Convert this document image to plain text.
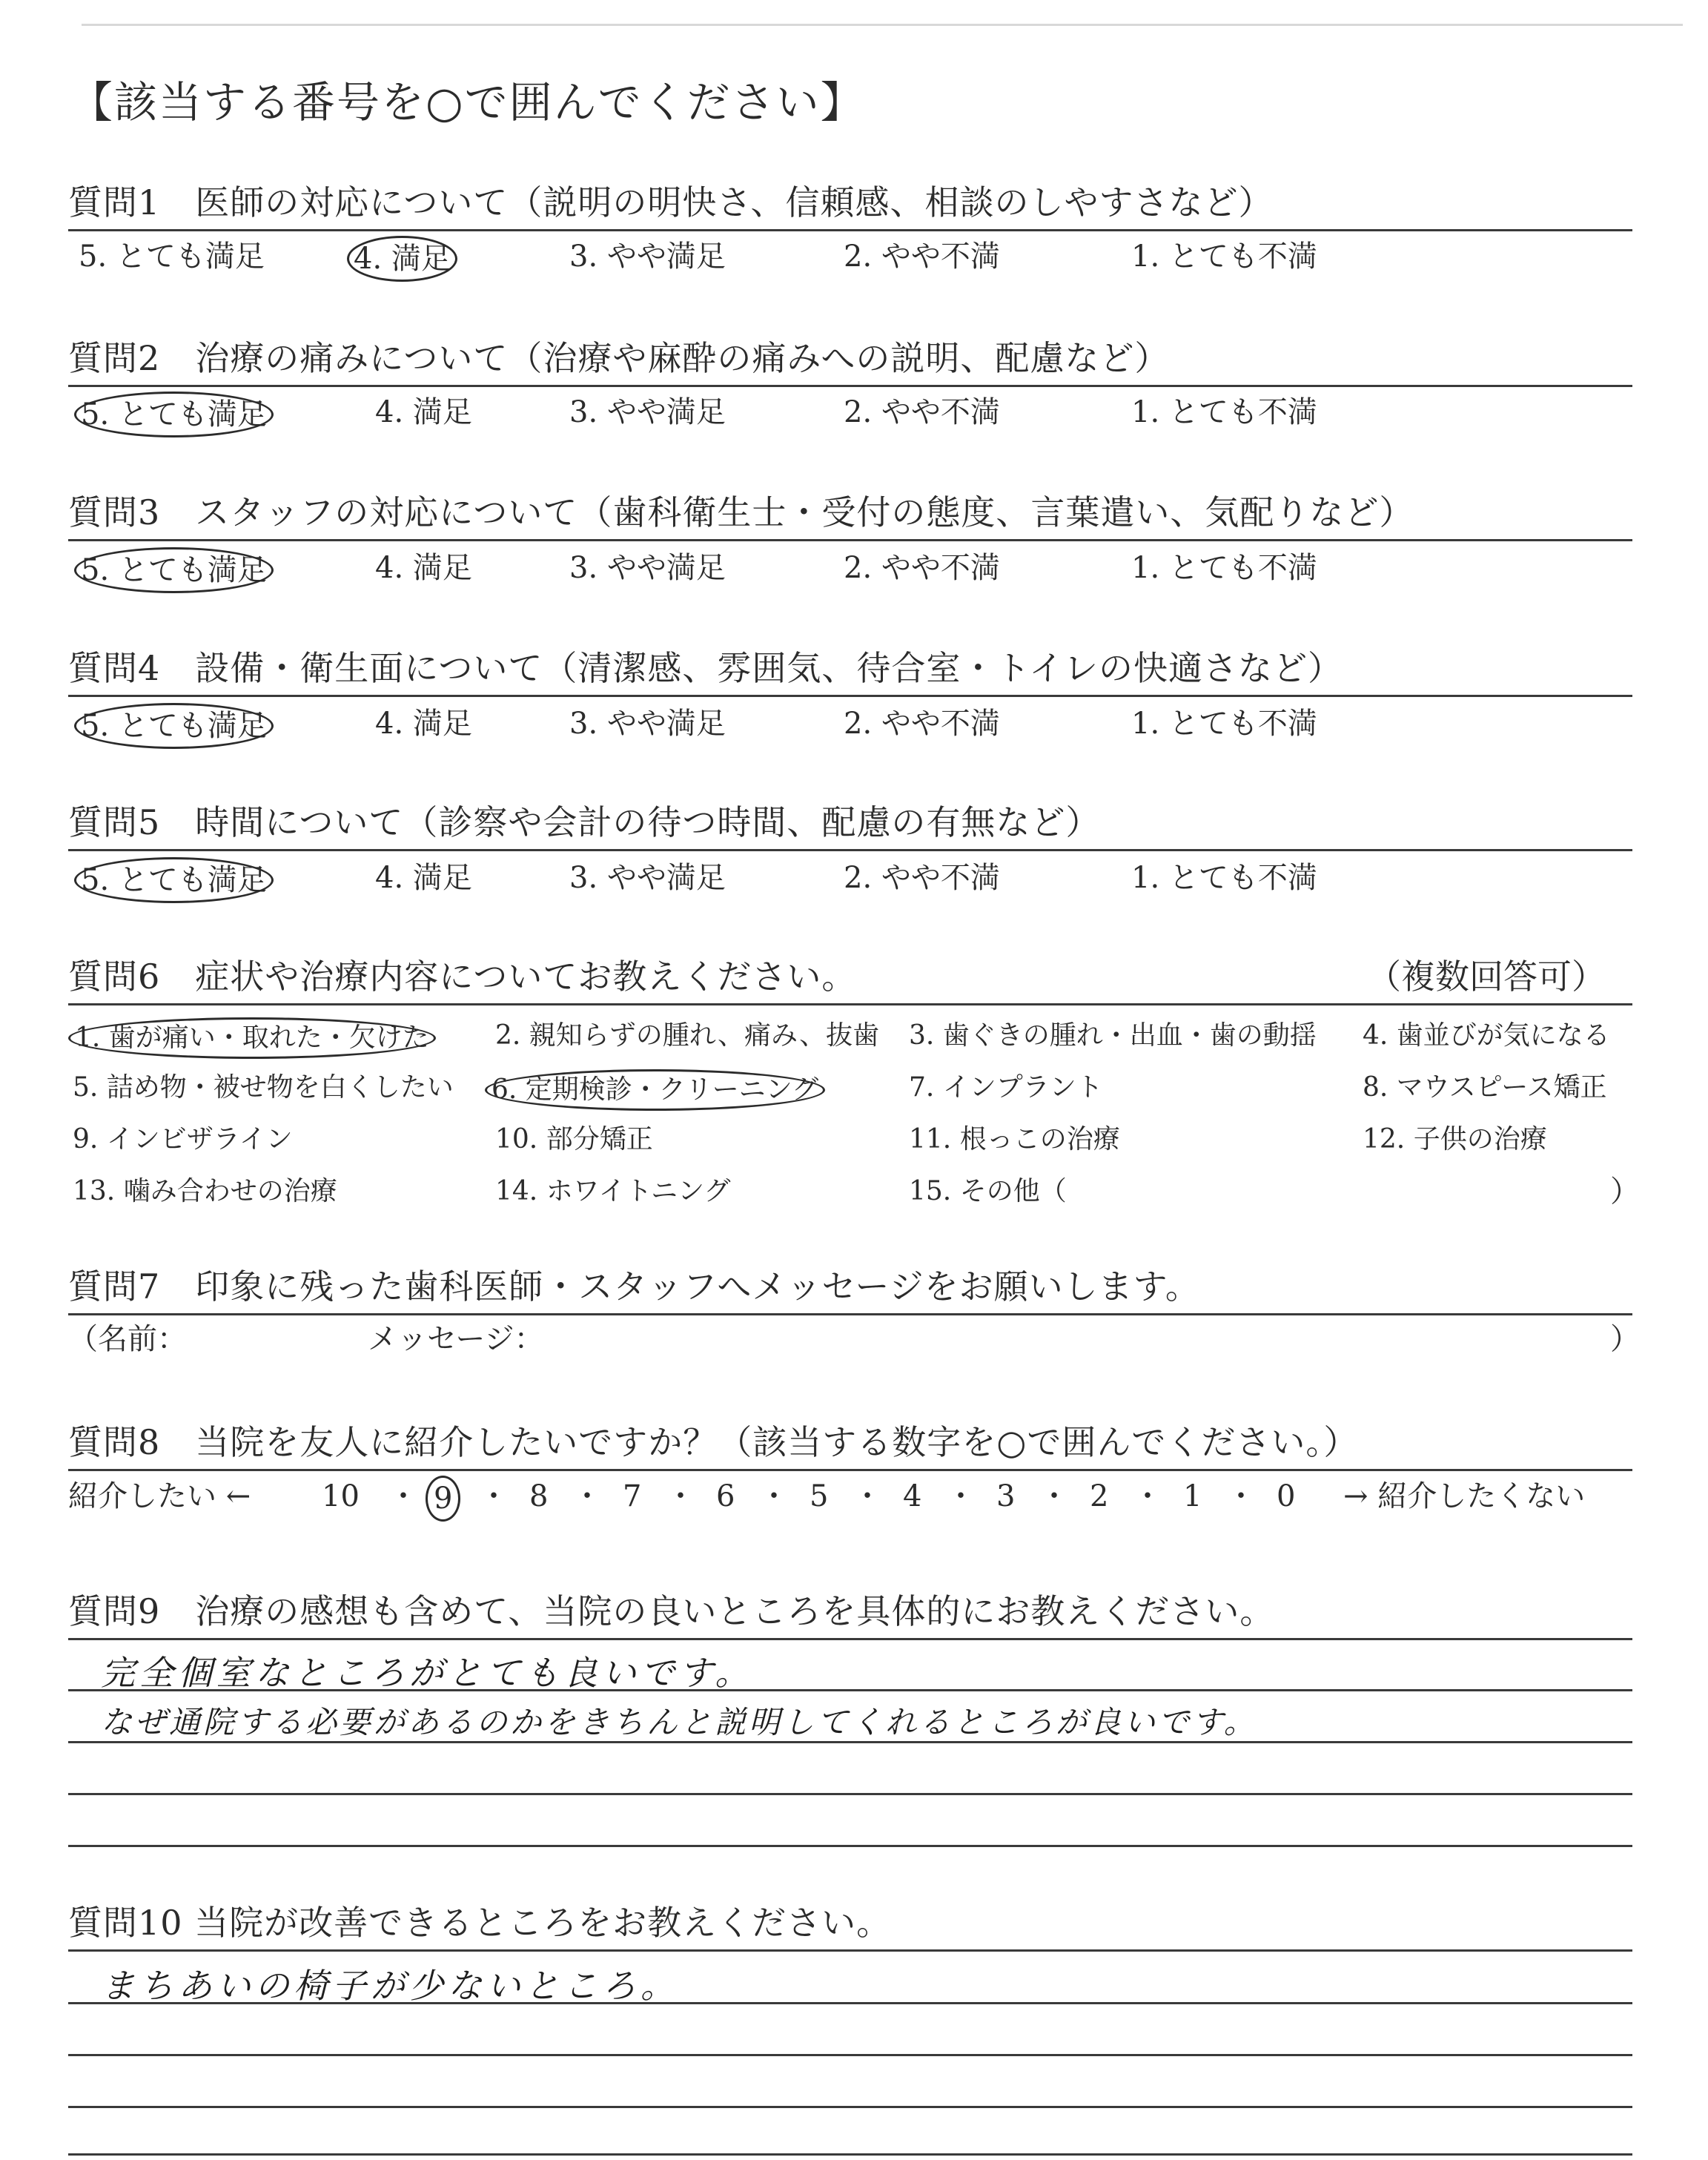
【該当する番号を○で囲んでください】
質問1　医師の対応について（説明の明快さ、信頼感、相談のしやすさなど）
5. とても満足	4. 満足	3. やや満足	2. やや不満	1. とても不満
質問2　治療の痛みについて（治療や麻酔の痛みへの説明、配慮など）
5. とても満足	4. 満足	3. やや満足	2. やや不満	1. とても不満
質問3　スタッフの対応について（歯科衛生士・受付の態度、言葉遣い、気配りなど）
5. とても満足	4. 満足	3. やや満足	2. やや不満	1. とても不満
質問4　設備・衛生面について（清潔感、雰囲気、待合室・トイレの快適さなど）
5. とても満足	4. 満足	3. やや満足	2. やや不満	1. とても不満
質問5　時間について（診察や会計の待つ時間、配慮の有無など）
5. とても満足	4. 満足	3. やや満足	2. やや不満	1. とても不満
質問6　症状や治療内容についてお教えください。	（複数回答可）
1. 歯が痛い・取れた・欠けた 2. 親知らずの腫れ、痛み、抜歯 3. 歯ぐきの腫れ・出血・歯の動揺 4. 歯並びが気になる
5. 詰め物・被せ物を白くしたい 6. 定期検診・クリーニング	7. インプラント	8. マウスピース矯正
9. インビザライン	10. 部分矯正	11. 根っこの治療	12. 子供の治療
13. 噛み合わせの治療	14. ホワイトニング	15. その他（	）
質問7　印象に残った歯科医師・スタッフへメッセージをお願いします。
（名前：	メッセージ：	）
質問8　当院を友人に紹介したいですか？（該当する数字を○で囲んでください。）
紹介したい ← 10 ・ 9 ・ 8 ・ 7 ・ 6 ・ 5 ・ 4 ・ 3 ・ 2 ・ 1 ・ 0 → 紹介したくない
質問9　治療の感想も含めて、当院の良いところを具体的にお教えください。
完全個室なところがとても良いです。
なぜ通院する必要があるのかをきちんと説明してくれるところが良いです。
質問10 当院が改善できるところをお教えください。
まちあいの椅子が少ないところ。
